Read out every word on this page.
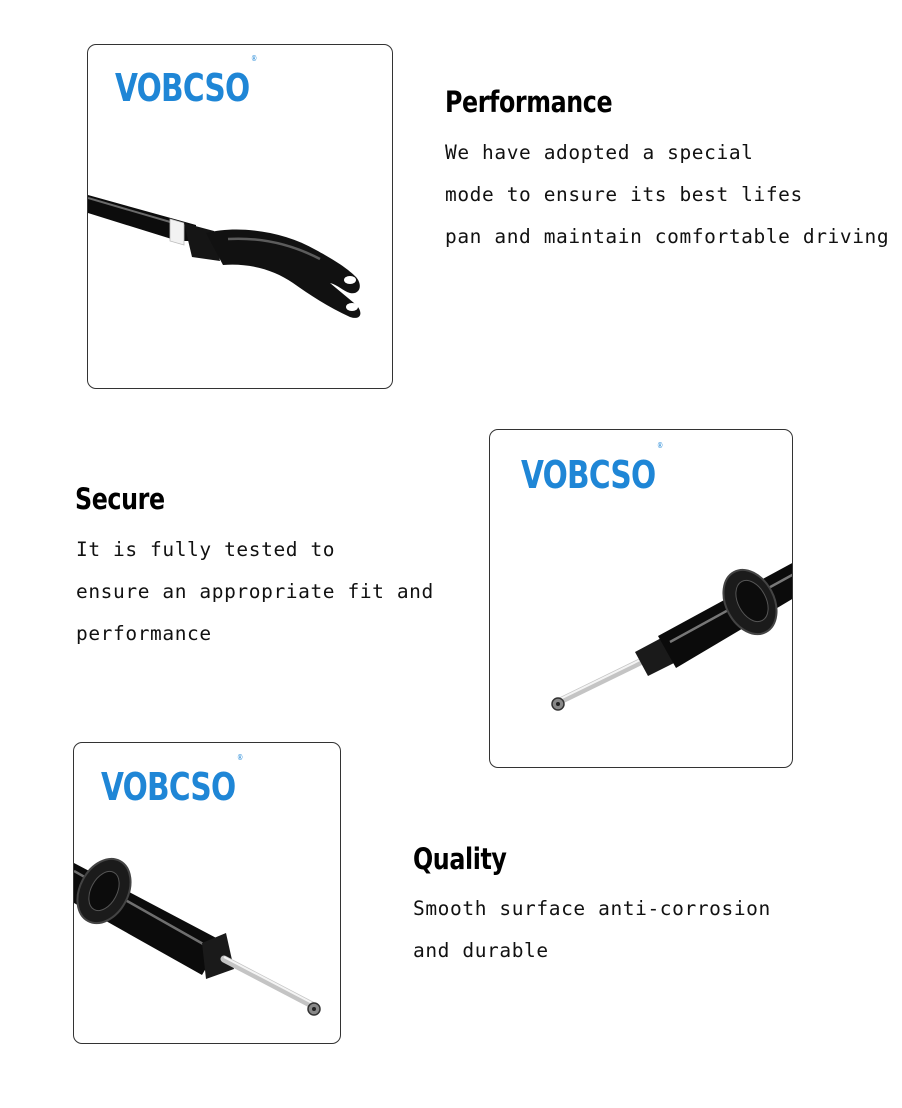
VOBCSO®
Performance

We have adopted a special

mode to ensure its best lifes

pan and maintain comfortable driving

Secure

It is fully tested to

ensure an appropriate fit and

performance

VOBCSO®
VOBCSO®
Quality

Smooth surface anti-corrosion

and durable
